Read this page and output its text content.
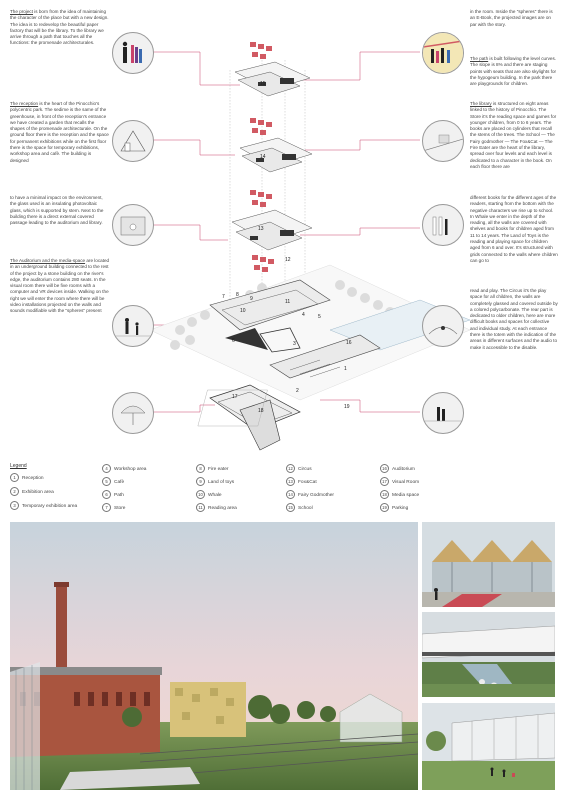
The project is born from the idea of maintaining the character of the place but with a new design. The idea is to redevelop the beautiful paper factory that will be the library. To the library we arrive through a path that touches all the functions: the promenade architecturales.

The reception is the heart of the Pinocchio's polycentric park. The sedime is the same of the greenhouse, in front of the reception's entrance we have created a garden that recalls the shapes of the promenade architecturale. On the ground floor there is the reception and the space for permanent exhibitions while on the first floor there is the space for temporary exhibitions, workshop area and cafè. The building is designed

to have a minimal impact on the environment, the glass used is an insulating photovoltaic glass, which is supported by stem. Next to the building there is a direct external covered passage leading to the auditorium and library.

The Auditorium and the media-space are located in an underground building connected to the rest of the project by a stone building on the river's edge, the auditorium contains 280 seats. In the visual room there will be five rooms with a computer and VR devices inside. Walking on the right we will enter the room where there will be video installations projected on the walls and sounds modifiable with the "spheres" present

in the room. Inside the "spheres" there is an E-Book, the projected images are on par with the story.

The path is built following the level curves. The slope is 8% and there are staging points with seats that are also skylights for the hypogeum building. In the park there are playgrounds for children.

The library is structured on eight areas linked to the history of Pinocchio. The Store it's the reading space and games for younger children, from 0 to 6 years. The books are placed on cylinders that recall the stems of the trees. The School — The Fairy godmother — The Fox&Cat — The Fire Eater are the heart of the library, spread over four levels and each level is dedicated to a character in the book. On each floor there are

different books for the different ages of the readers, starting from the bottom with the negative characters we rise up to school. In Whale we enter in the depth of the reading, all the walls are covered with shelves and books for children aged from 11 to 14 years. The Land of Toys is the reading and playing space for children aged from 6 and over. It's structured with grids connected to the walls where children can go to

read and play. The Circus it's the play space for all children, the walls are completely glassed and covered outside by a colored polycarbonate. The rear part is dedicated to older children, here are more difficult books and spaces for collective and individual study. At each entrance there is the totem with the indication of the areas in different surfaces and the audio to make it accessible to the disable.

15
14
13
12
11
10
9
8
7
6
5
4
3
2
1
16
17
18
19
Legend
1 Reception
2 Exhibition area
3 Temporary exhibition area
4 Workshop area
5 Cafè
6 Path
7 Store
8 Fire eater
9 Land of toys
10 Whale
11 Reading area
12 Circus
13 Fox&Cat
14 Fairy Godmother
15 School
16 Auditorium
17 Visual Room
18 Media space
19 Parking
